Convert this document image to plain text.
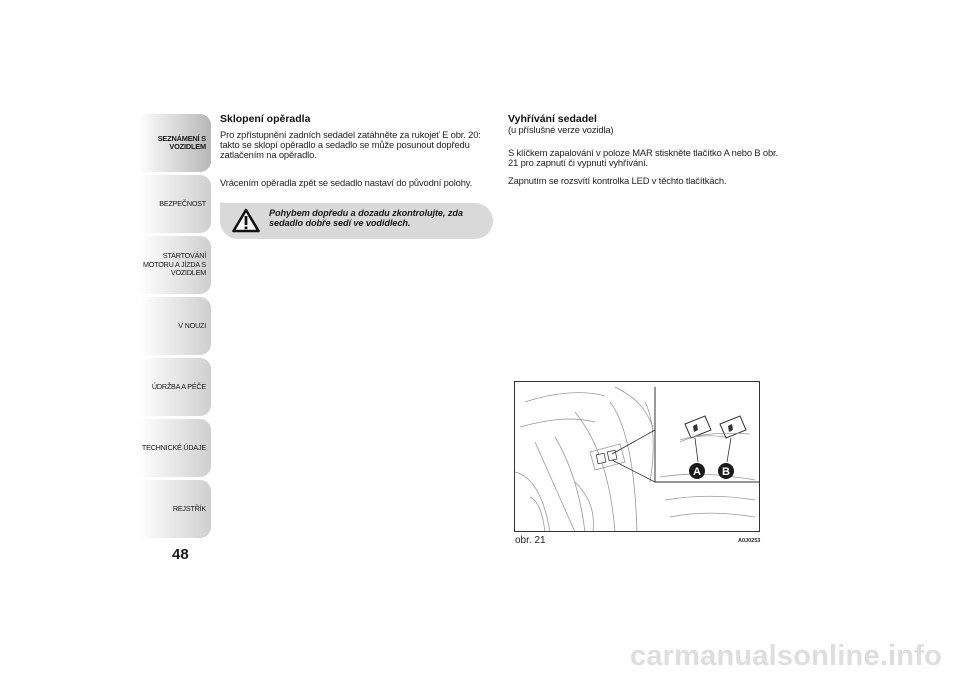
SEZNÁMENÍ S
VOZIDLEM
BEZPEČNOST
STARTOVÁNÍ
MOTORU A JÍZDA S
VOZIDLEM
V NOUZI
ÚDRŽBA A PÉČE
TECHNICKÉ ÚDAJE
REJSTŘÍK
48
Sklopení opěradla
Pro zpřístupnění zadních sedadel zatáhněte za rukojeť E obr. 20: takto se sklopí opěradlo a sedadlo se může posunout dopředu zatlačením na opěradlo.
Vrácením opěradla zpět se sedadlo nastaví do původní polohy.
Pohybem dopředu a dozadu zkontrolujte, zda sedadlo dobře sedí ve vodidlech.
Vyhřívání sedadel
(u příslušné verze vozidla)
S klíčkem zapalování v poloze MAR stiskněte tlačítko A nebo B obr. 21 pro zapnutí či vypnutí vyhřívání.
Zapnutím se rozsvítí kontrolka LED v těchto tlačítkách.
A B
obr. 21	A0J0253
carmanualsonline.info
